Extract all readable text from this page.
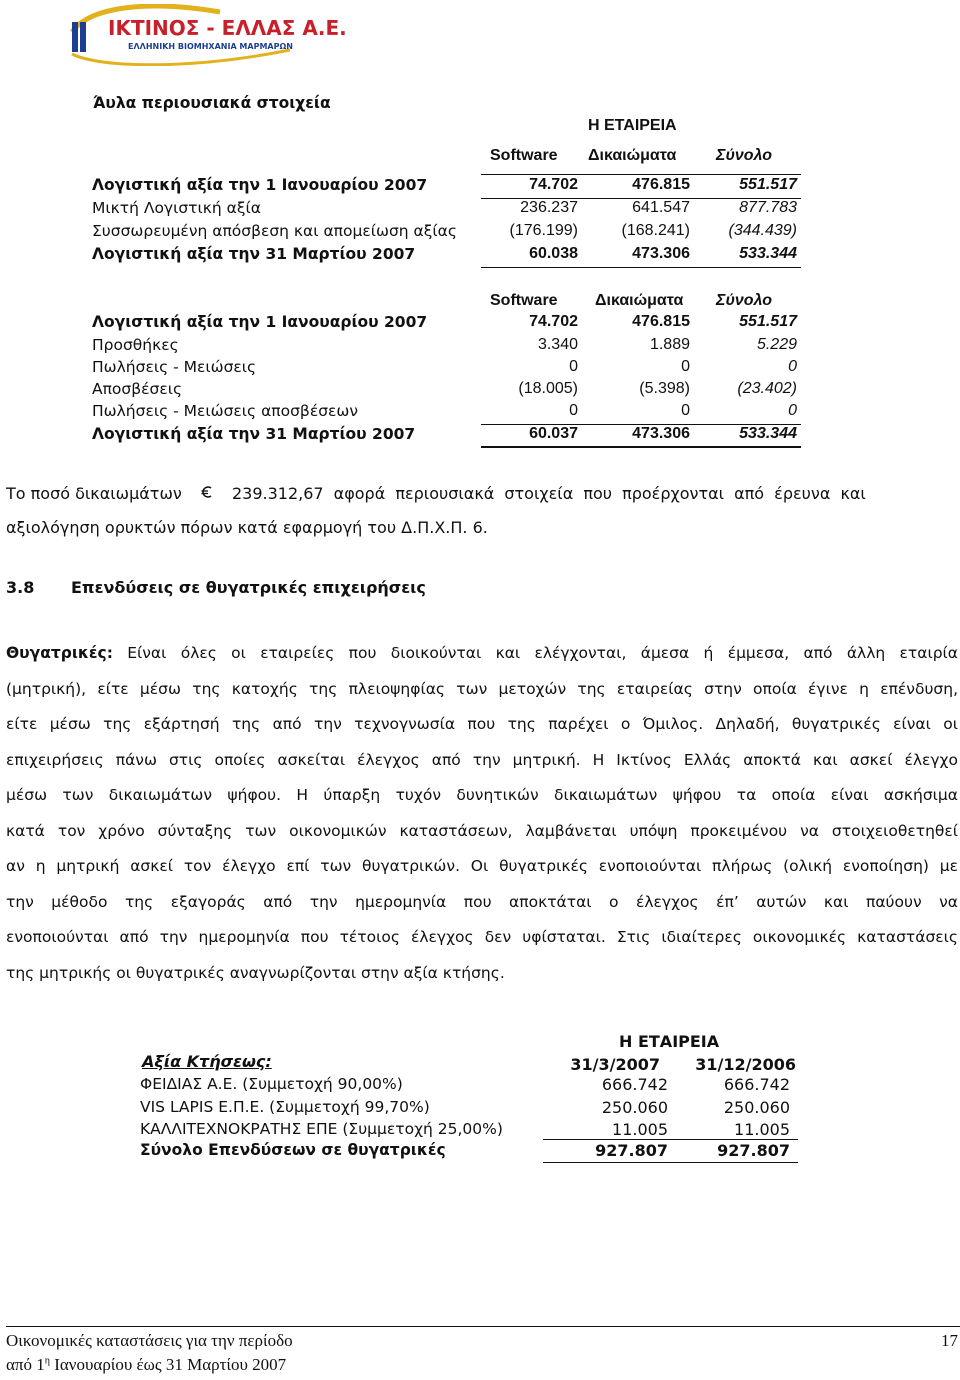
ΙΚΤΙΝΟΣ - ΕΛΛΑΣ Α.Ε.
ΕΛΛΗΝΙΚΗ ΒΙΟΜΗΧΑΝΙΑ ΜΑΡΜΑΡΩΝ
Άυλα περιουσιακά στοιχεία
Η ΕΤΑΙΡΕΙΑ
Software Δικαιώματα Σύνολο
Λογιστική αξία την 1 Ιανουαρίου 2007	74.702	476.815	551.517
Μικτή Λογιστική αξία	236.237	641.547	877.783
Συσσωρευμένη απόσβεση και απομείωση αξίας	(176.199)	(168.241)	(344.439)
Λογιστική αξία την 31 Μαρτίου 2007	60.038	473.306	533.344
Software Δικαιώματα Σύνολο
Λογιστική αξία την 1 Ιανουαρίου 2007	74.702	476.815	551.517
Προσθήκες	3.340	1.889	5.229
Πωλήσεις - Μειώσεις	0	0	0
Αποσβέσεις	(18.005)	(5.398)	(23.402)
Πωλήσεις - Μειώσεις αποσβέσεων	0	0	0
Λογιστική αξία την 31 Μαρτίου 2007	60.037	473.306	533.344
Το ποσό δικαιωμάτων	239.312,67 αφορά περιουσιακά στοιχεία που προέρχονται από έρευνα και
αξιολόγηση ορυκτών πόρων κατά εφαρμογή του Δ.Π.Χ.Π. 6.
3.8 Επενδύσεις σε θυγατρικές επιχειρήσεις
Θυγατρικές: Είναι όλες οι εταιρείες που διοικούνται και ελέγχονται, άμεσα ή έμμεσα, από άλλη εταιρία
(μητρική), είτε μέσω της κατοχής της πλειοψηφίας των μετοχών της εταιρείας στην οποία έγινε η επένδυση,
είτε μέσω της εξάρτησή της από την τεχνογνωσία που της παρέχει ο Όμιλος. Δηλαδή, θυγατρικές είναι οι
επιχειρήσεις πάνω στις οποίες ασκείται έλεγχος από την μητρική. Η Ικτίνος Ελλάς αποκτά και ασκεί έλεγχο
μέσω των δικαιωμάτων ψήφου. Η ύπαρξη τυχόν δυνητικών δικαιωμάτων ψήφου τα οποία είναι ασκήσιμα
κατά τον χρόνο σύνταξης των οικονομικών καταστάσεων, λαμβάνεται υπόψη προκειμένου να στοιχειοθετηθεί
αν η μητρική ασκεί τον έλεγχο επί των θυγατρικών. Οι θυγατρικές ενοποιούνται πλήρως (ολική ενοποίηση) με
την μέθοδο της εξαγοράς από την ημερομηνία που αποκτάται ο έλεγχος έπ’ αυτών και παύουν να
ενοποιούνται από την ημερομηνία που τέτοιος έλεγχος δεν υφίσταται. Στις ιδιαίτερες οικονομικές καταστάσεις
της μητρικής οι θυγατρικές αναγνωρίζονται στην αξία κτήσης.
Η ΕΤΑΙΡΕΙΑ
Αξία Κτήσεως:	31/3/2007	31/12/2006
ΦΕΙΔΙΑΣ Α.Ε. (Συμμετοχή 90,00%)	666.742	666.742
VIS LAPIS Ε.Π.Ε. (Συμμετοχή 99,70%)	250.060	250.060
ΚΑΛΛΙΤΕΧΝΟΚΡΑΤΗΣ ΕΠΕ (Συμμετοχή 25,00%)	11.005	11.005
Σύνολο Επενδύσεων σε θυγατρικές	927.807	927.807
Οικονομικές καταστάσεις για την περίοδο
από $1^\eta$ Ιανουαρίου έως 31 Μαρτίου 2007
17
